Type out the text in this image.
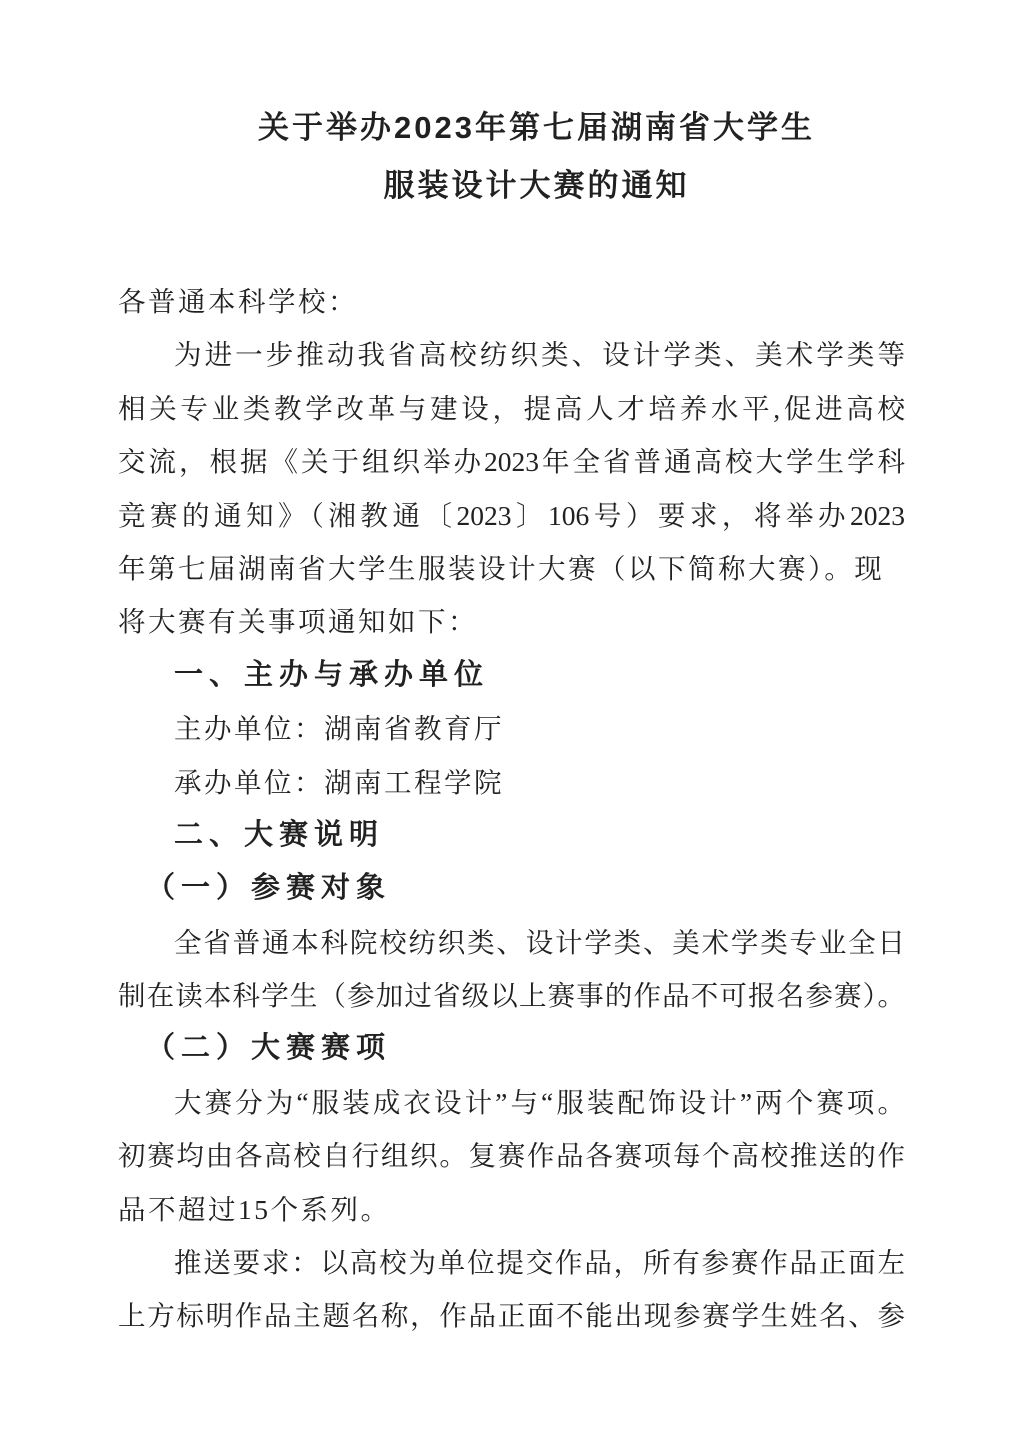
关于举办2023年第七届湖南省大学生
服装设计大赛的通知
各普通本科学校：
为进一步推动我省高校纺织类、设计学类、美术学类等
相关专业类教学改革与建设，提高人才培养水平,促进高校
交流，根据《关于组织举办2023年全省普通高校大学生学科
竞赛的通知》（湘教通〔2023〕106号）要求，将举办2023
年第七届湖南省大学生服装设计大赛（以下简称大赛）。现
将大赛有关事项通知如下：
一、主办与承办单位
主办单位：湖南省教育厅
承办单位：湖南工程学院
二、大赛说明
（一）参赛对象
全省普通本科院校纺织类、设计学类、美术学类专业全日
制在读本科学生（参加过省级以上赛事的作品不可报名参赛）。
（二）大赛赛项
大赛分为“服装成衣设计”与“服装配饰设计”两个赛项。
初赛均由各高校自行组织。复赛作品各赛项每个高校推送的作
品不超过15个系列。
推送要求：以高校为单位提交作品，所有参赛作品正面左
上方标明作品主题名称，作品正面不能出现参赛学生姓名、参
